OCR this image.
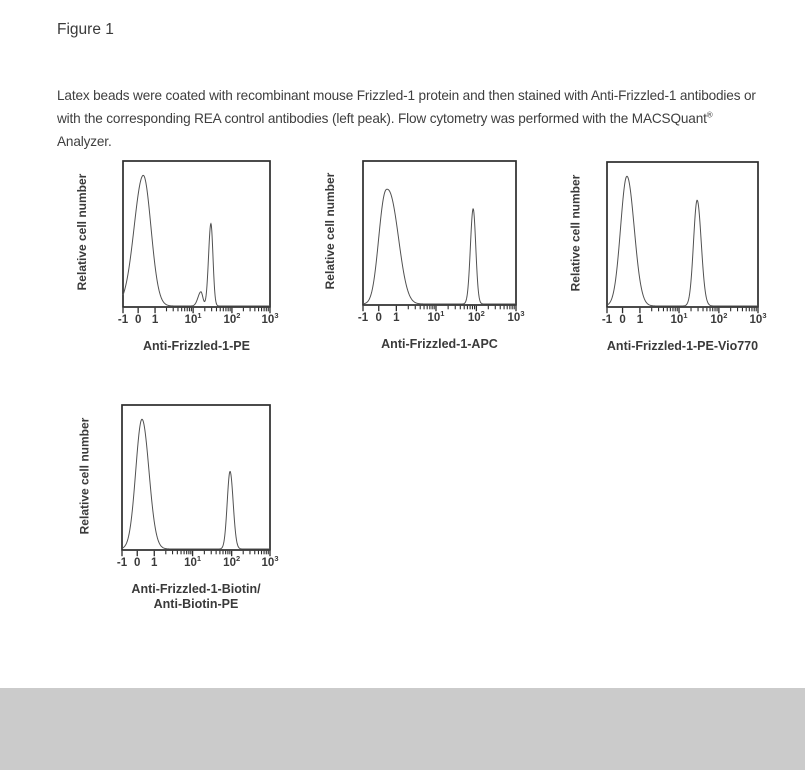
Figure 1

Latex beads were coated with recombinant mouse Frizzled-1 protein and then stained with Anti-Frizzled-1 antibodies or with the corresponding REA control antibodies (left peak). Flow cytometry was performed with the MACSQuant® Analyzer.

Relative cell number
-1 0 1 $10^1$ $10^2$ $10^3$
Anti-Frizzled-1-PE
Relative cell number
-1 0 1 $10^1$ $10^2$ $10^3$
Anti-Frizzled-1-APC
Relative cell number
-1 0 1 $10^1$ $10^2$ $10^3$
Anti-Frizzled-1-PE-Vio770
Relative cell number
-1 0 1 $10^1$ $10^2$ $10^3$
Anti-Frizzled-1-Biotin/
Anti-Biotin-PE
